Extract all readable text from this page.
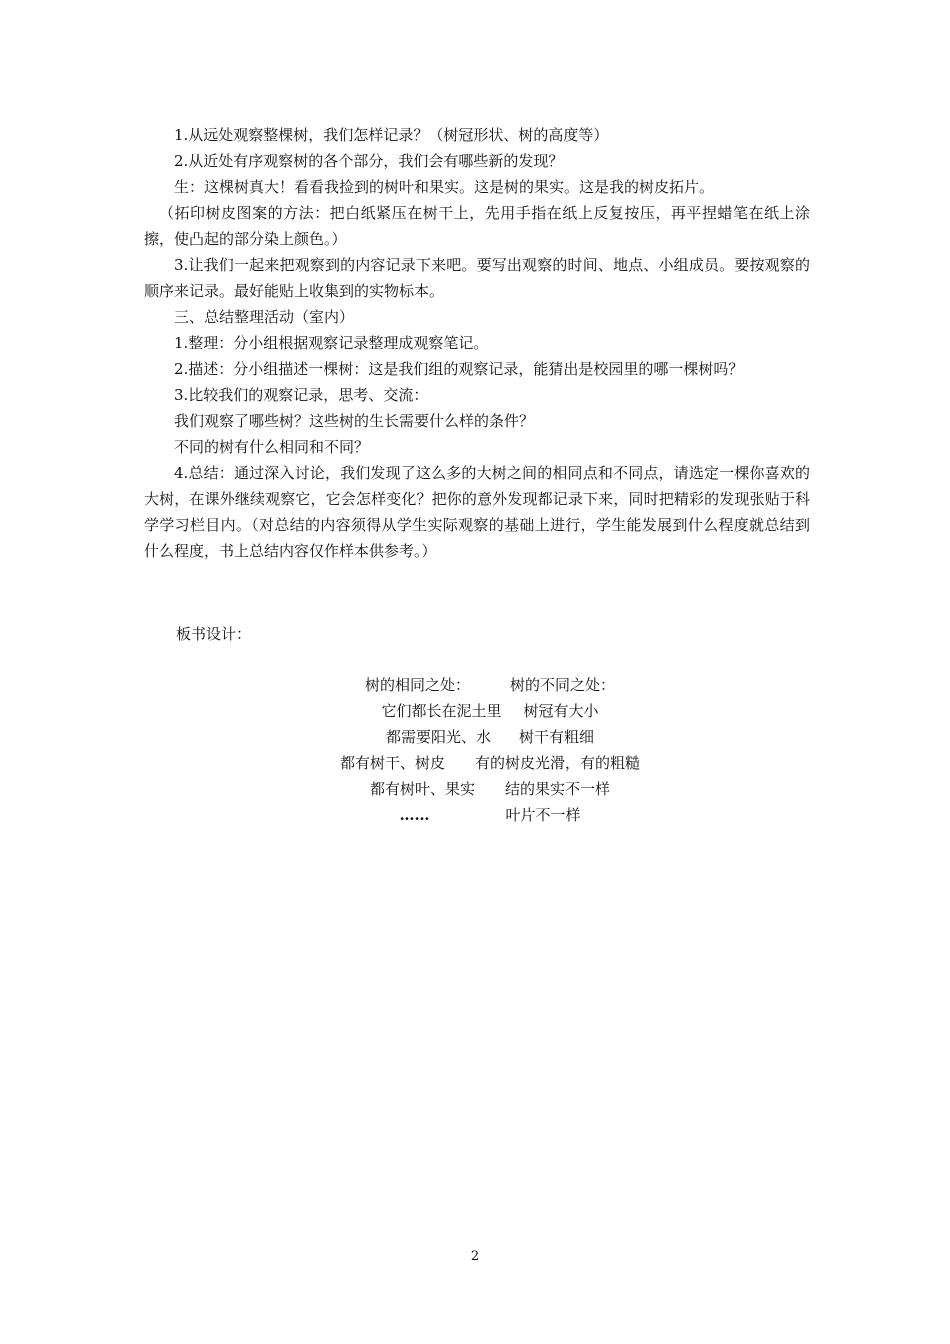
1.从远处观察整棵树，我们怎样记录？（树冠形状、树的高度等）

2.从近处有序观察树的各个部分，我们会有哪些新的发现？

生：这棵树真大！看看我捡到的树叶和果实。这是树的果实。这是我的树皮拓片。

（拓印树皮图案的方法：把白纸紧压在树干上，先用手指在纸上反复按压，再平捏蜡笔在纸上涂擦，使凸起的部分染上颜色。）

3.让我们一起来把观察到的内容记录下来吧。要写出观察的时间、地点、小组成员。要按观察的顺序来记录。最好能贴上收集到的实物标本。

三、总结整理活动（室内）

1.整理：分小组根据观察记录整理成观察笔记。

2.描述：分小组描述一棵树：这是我们组的观察记录，能猜出是校园里的哪一棵树吗？

3.比较我们的观察记录，思考、交流：

我们观察了哪些树？这些树的生长需要什么样的条件？

不同的树有什么相同和不同？

4.总结：通过深入讨论，我们发现了这么多的大树之间的相同点和不同点，请选定一棵你喜欢的大树，在课外继续观察它，它会怎样变化？把你的意外发现都记录下来，同时把精彩的发现张贴于科学学习栏目内。（对总结的内容须得从学生实际观察的基础上进行，学生能发展到什么程度就总结到什么程度，书上总结内容仅作样本供参考。）

板书设计：
树的相同之处：	树的不同之处：
它们都长在泥土里 树冠有大小
都需要阳光、水 树干有粗细
都有树干、树皮 有的树皮光滑，有的粗糙
都有树叶、果实 结的果实不一样
……	叶片不一样
2
